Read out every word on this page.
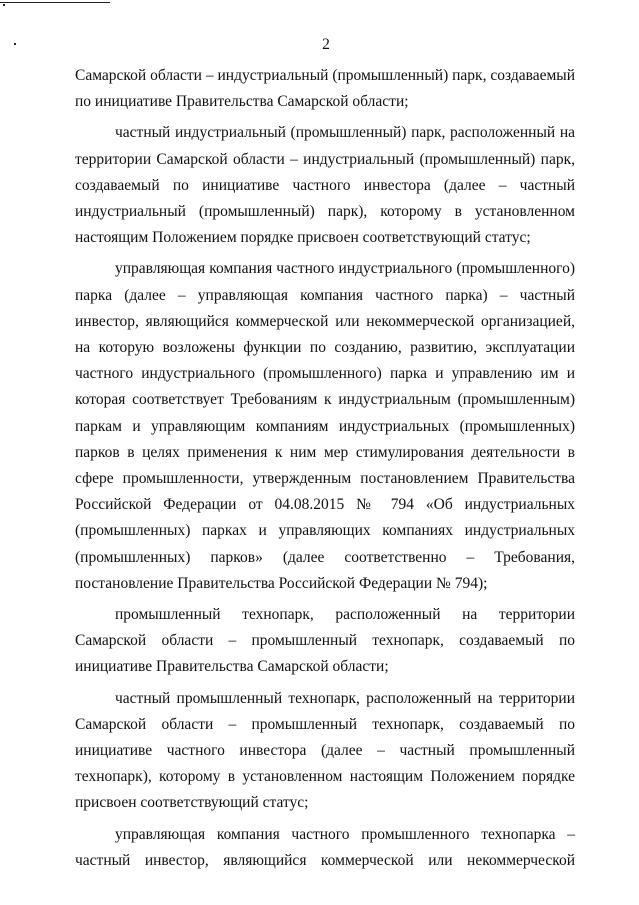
2

Самарской области – индустриальный (промышленный) парк, создаваемый по инициативе Правительства Самарской области;

частный индустриальный (промышленный) парк, расположенный на территории Самарской области – индустриальный (промышленный) парк, создаваемый по инициативе частного инвестора (далее – частный индустриальный (промышленный) парк), которому в установленном настоящим Положением порядке присвоен соответствующий статус;

управляющая компания частного индустриального (промышленного) парка (далее – управляющая компания частного парка) – частный инвестор, являющийся коммерческой или некоммерческой организацией, на которую возложены функции по созданию, развитию, эксплуатации частного индустриального (промышленного) парка и управлению им и которая соответствует Требованиям к индустриальным (промышленным) паркам и управляющим компаниям индустриальных (промышленных) парков в целях применения к ним мер стимулирования деятельности в сфере промышленности, утвержденным постановлением Правительства Российской Федерации от 04.08.2015 № 794 «Об индустриальных (промышленных) парках и управляющих компаниях индустриальных (промышленных) парков» (далее соответственно – Требования, постановление Правительства Российской Федерации № 794);

промышленный технопарк, расположенный на территории Самарской области – промышленный технопарк, создаваемый по инициативе Правительства Самарской области;

частный промышленный технопарк, расположенный на территории Самарской области – промышленный технопарк, создаваемый по инициативе частного инвестора (далее – частный промышленный технопарк), которому в установленном настоящим Положением порядке присвоен соответствующий статус;

управляющая компания частного промышленного технопарка – частный инвестор, являющийся коммерческой или некоммерческой
